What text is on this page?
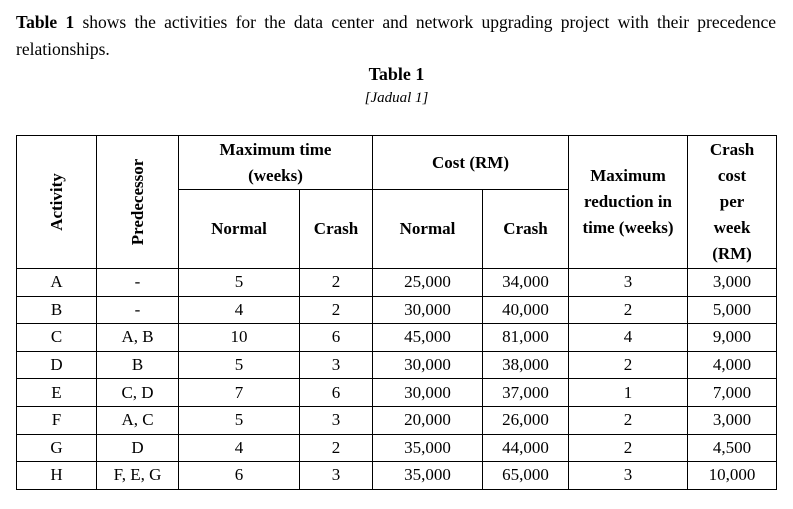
Table 1 shows the activities for the data center and network upgrading project with their precedence relationships.
Table 1
[Jadual 1]
Activity	Predecessor	Maximum time (weeks)		Cost (RM)		Maximum reduction in time (weeks)	Crash cost per week (RM)
		Normal	Crash	Normal	Crash		
A	-	5	2	25,000	34,000	3	3,000
B	-	4	2	30,000	40,000	2	5,000
C	A, B	10	6	45,000	81,000	4	9,000
D	B	5	3	30,000	38,000	2	4,000
E	C, D	7	6	30,000	37,000	1	7,000
F	A, C	5	3	20,000	26,000	2	3,000
G	D	4	2	35,000	44,000	2	4,500
H	F, E, G	6	3	35,000	65,000	3	10,000
